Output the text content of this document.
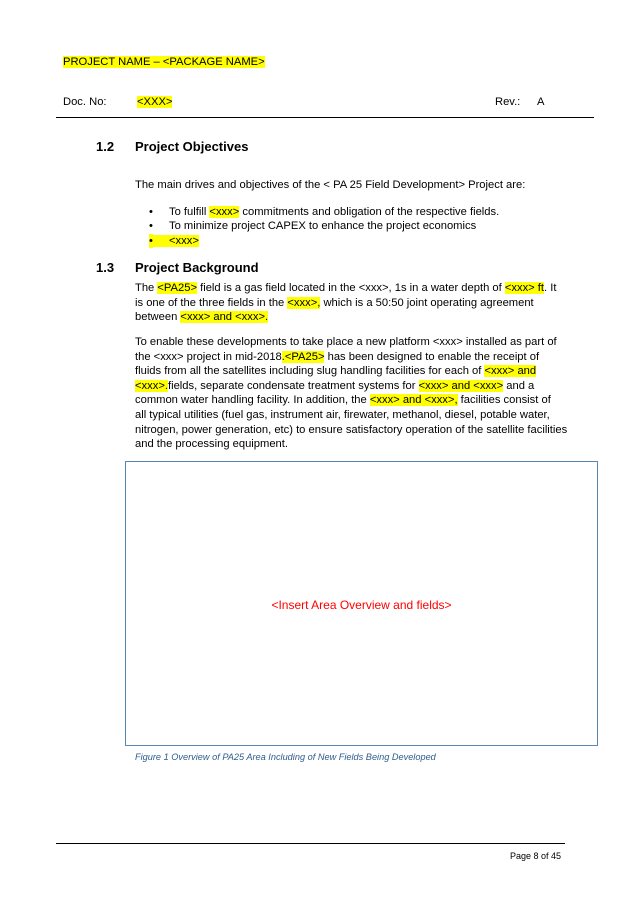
PROJECT NAME – <PACKAGE NAME>
Doc. No:	<XXX>	Rev.: A
1.2 Project Objectives
The main drives and objectives of the < PA 25 Field Development> Project are:
• To fulfill <xxx> commitments and obligation of the respective fields.
• To minimize project CAPEX to enhance the project economics
• <xxx>
1.3 Project Background
The <PA25> field is a gas field located in the <xxx>, 1s in a water depth of <xxx> ft. It
is one of the three fields in the <xxx>, which is a 50:50 joint operating agreement
between <xxx> and <xxx>.
To enable these developments to take place a new platform <xxx> installed as part of
the <xxx> project in mid-2018.<PA25> has been designed to enable the receipt of
fluids from all the satellites including slug handling facilities for each of <xxx> and
<xxx>.fields, separate condensate treatment systems for <xxx> and <xxx> and a
common water handling facility. In addition, the <xxx> and <xxx>, facilities consist of
all typical utilities (fuel gas, instrument air, firewater, methanol, diesel, potable water,
nitrogen, power generation, etc) to ensure satisfactory operation of the satellite facilities
and the processing equipment.
<Insert Area Overview and fields>
Figure 1 Overview of PA25 Area Including of New Fields Being Developed
Page 8 of 45
